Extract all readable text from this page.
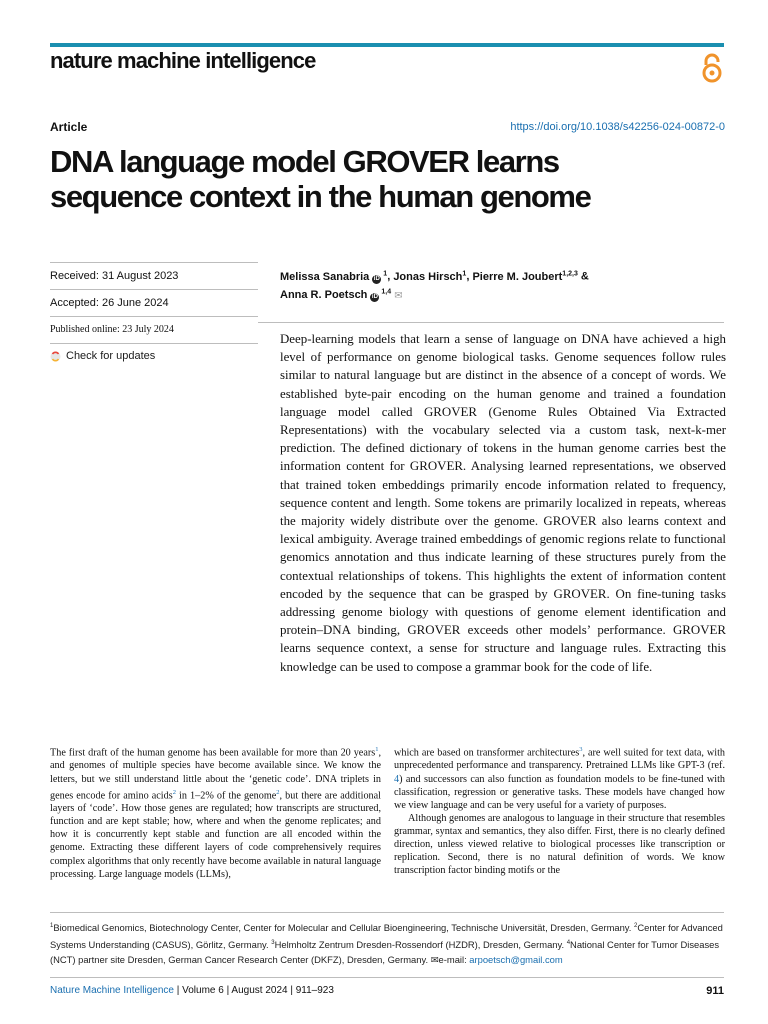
nature machine intelligence
Article	https://doi.org/10.1038/s42256-024-00872-0
DNA language model GROVER learns
sequence context in the human genome
Received: 31 August 2023
Accepted: 26 June 2024
Published online: 23 July 2024
Check for updates
Melissa Sanabria $iD^1$, Jonas Hirsch$^1$, Pierre M. Joubert$^{1,2,3}$ &
Anna R. Poetsch iD$^{1,4}$ ✉
Deep-learning models that learn a sense of language on DNA have achieved a high level of performance on genome biological tasks. Genome sequences follow rules similar to natural language but are distinct in the absence of a concept of words. We established byte-pair encoding on the human genome and trained a foundation language model called GROVER (Genome Rules Obtained Via Extracted Representations) with the vocabulary selected via a custom task, next-k-mer prediction. The defined dictionary of tokens in the human genome carries best the information content for GROVER. Analysing learned representations, we observed that trained token embeddings primarily encode information related to frequency, sequence content and length. Some tokens are primarily localized in repeats, whereas the majority widely distribute over the genome. GROVER also learns context and lexical ambiguity. Average trained embeddings of genomic regions relate to functional genomics annotation and thus indicate learning of these structures purely from the contextual relationships of tokens. This highlights the extent of information content encoded by the sequence that can be grasped by GROVER. On fine-tuning tasks addressing genome biology with questions of genome element identification and protein–DNA binding, GROVER exceeds other models’ performance. GROVER learns sequence context, a sense for structure and language rules. Extracting this knowledge can be used to compose a grammar book for the code of life.

The first draft of the human genome has been available for more than 20 years$^1$, and genomes of multiple species have become available since. We know the letters, but we still understand little about the ‘genetic code’. DNA triplets in genes encode for amino acids$^2$ in 1–2% of the genome$^2$, but there are additional layers of ‘code’. How those genes are regulated; how transcripts are structured, function and are kept stable; how, where and when the genome replicates; and how it is concurrently kept stable and function are all encoded within the genome. Extracting these different layers of code comprehensively requires complex algorithms that only recently have become available in natural language processing. Large language models (LLMs),

which are based on transformer architectures$^3$, are well suited for text data, with unprecedented performance and transparency. Pretrained LLMs like GPT-3 (ref. 4) and successors can also function as foundation models to be fine-tuned with classification, regression or generative tasks. These models have changed how we view language and can be very useful for a variety of purposes.

Although genomes are analogous to language in their structure that resembles grammar, syntax and semantics, they also differ. First, there is no clearly defined direction, unless viewed relative to biological processes like transcription or replication. Second, there is no natural definition of words. We know transcription factor binding motifs or the

$^1$Biomedical Genomics, Biotechnology Center, Center for Molecular and Cellular Bioengineering, Technische Universität, Dresden, Germany. $^2$Center for Advanced Systems Understanding (CASUS), Görlitz, Germany. $^3$Helmholtz Zentrum Dresden-Rossendorf (HZDR), Dresden, Germany. $^4$National Center for Tumor Diseases (NCT) partner site Dresden, German Cancer Research Center (DKFZ), Dresden, Germany. ✉e-mail: arpoetsch@gmail.com
Nature Machine Intelligence | Volume 6 | August 2024 | 911–923	911
